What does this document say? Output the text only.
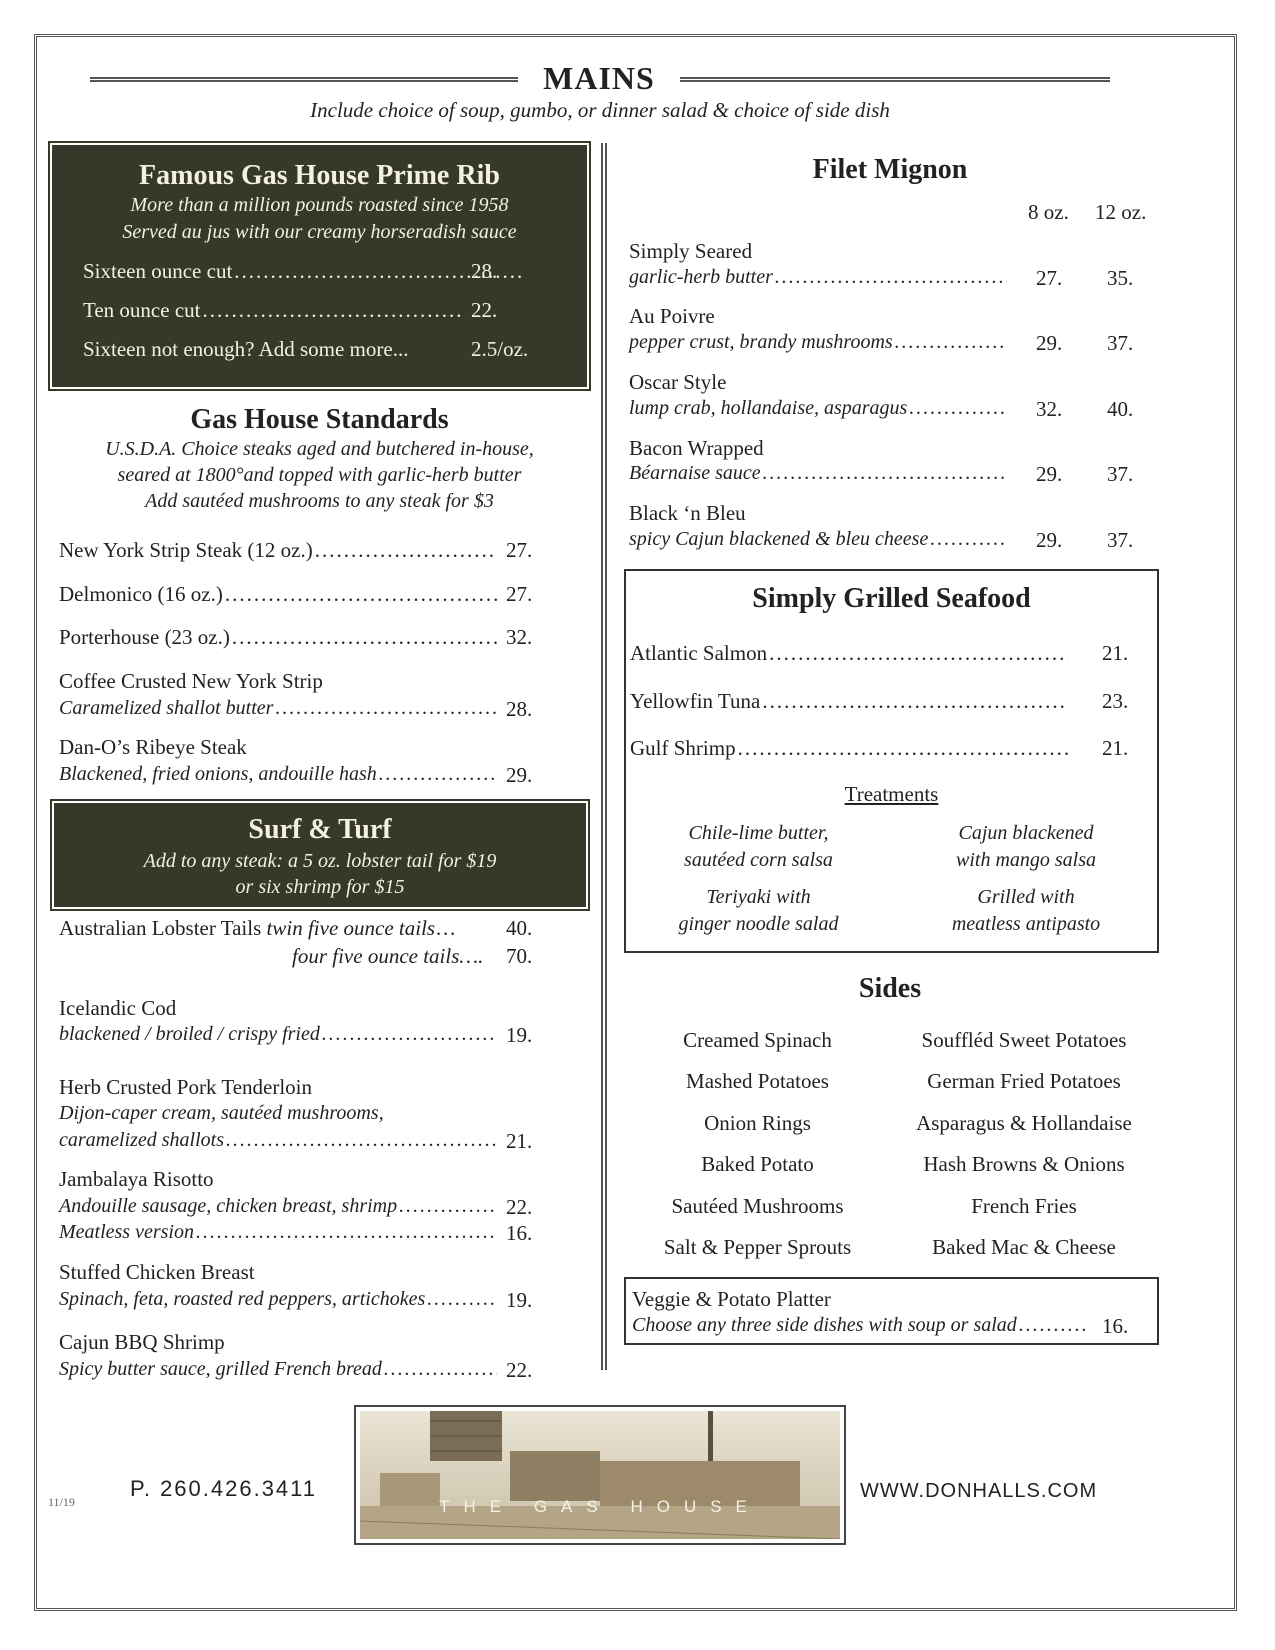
MAINS
Include choice of soup, gumbo, or dinner salad & choice of side dish
Famous Gas House Prime Rib
More than a million pounds roasted since 1958
Served au jus with our creamy horseradish sauce
Sixteen ounce cut .....	28.
Ten ounce cut .....	22.
Sixteen not enough? Add some more...	2.5/oz.
Gas House Standards
U.S.D.A. Choice steaks aged and butchered in-house,
seared at 1800°and topped with garlic-herb butter
Add sautéed mushrooms to any steak for $3
New York Strip Steak (12 oz.) .....	27.
Delmonico (16 oz.) .....	27.
Porterhouse (23 oz.) .....	32.
Coffee Crusted New York Strip
Caramelized shallot butter .....	28.
Dan-O’s Ribeye Steak
Blackened, fried onions, andouille hash .....	29.
Surf & Turf
Add to any steak: a 5 oz. lobster tail for $19
or six shrimp for $15
Australian Lobster Tails twin five ounce tails… 40.
four five ounce tails…. 70.
Icelandic Cod
blackened / broiled / crispy fried .....	19.
Herb Crusted Pork Tenderloin
Dijon-caper cream, sautéed mushrooms,
caramelized shallots .....	21.
Jambalaya Risotto
Andouille sausage, chicken breast, shrimp .....	22.
Meatless version .....	16.
Stuffed Chicken Breast
Spinach, feta, roasted red peppers, artichokes .....	19.
Cajun BBQ Shrimp
Spicy butter sauce, grilled French bread .....	22.
Filet Mignon
8 oz. 12 oz.
Simply Seared
garlic-herb butter .....	27. 35.
Au Poivre
pepper crust, brandy mushrooms .....	29. 37.
Oscar Style
lump crab, hollandaise, asparagus .....	32. 40.
Bacon Wrapped
Béarnaise sauce .....	29. 37.
Black ‘n Bleu
spicy Cajun blackened & bleu cheese .....	29. 37.
Simply Grilled Seafood
Atlantic Salmon .....	21.
Yellowfin Tuna .....	23.
Gulf Shrimp .....	21.
Treatments
Chile-lime butter,
sautéed corn salsa
Cajun blackened
with mango salsa
Teriyaki with
ginger noodle salad
Grilled with
meatless antipasto
Sides
Creamed Spinach
Mashed Potatoes
Onion Rings
Baked Potato
Sautéed Mushrooms
Salt & Pepper Sprouts
Souffléd Sweet Potatoes
German Fried Potatoes
Asparagus & Hollandaise
Hash Browns & Onions
French Fries
Baked Mac & Cheese
Veggie & Potato Platter
Choose any three side dishes with soup or salad .....	16.
11/19
P. 260.426.3411	WWW.DONHALLS.COM
THE GAS HOUSE
